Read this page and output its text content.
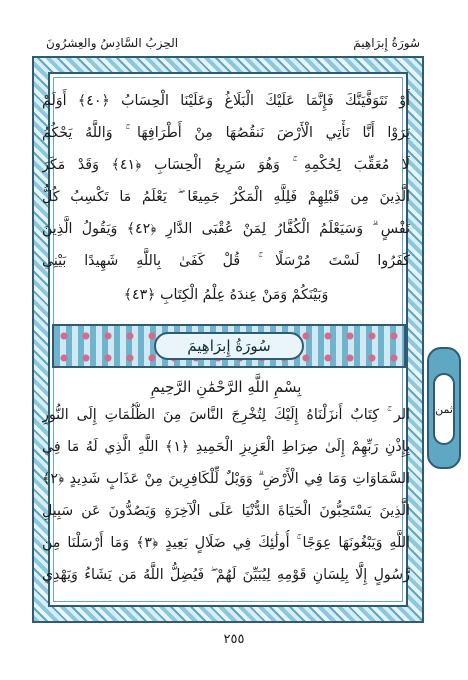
الحِزبُ السَّادِسُ والعِشرُونَ	سُورَةُ إِبرَاهِيمَ
أَوْ نَتَوَفَّيَنَّكَ فَإِنَّمَا عَلَيْكَ الْبَلَاغُ وَعَلَيْنَا الْحِسَابُ ﴿٤٠﴾ أَوَلَمْ
يَرَوْا أَنَّا نَأْتِي الْأَرْضَ نَنقُصُهَا مِنْ أَطْرَافِهَا ۚ وَاللَّهُ يَحْكُمُ
لَا مُعَقِّبَ لِحُكْمِهِ ۚ وَهُوَ سَرِيعُ الْحِسَابِ ﴿٤١﴾ وَقَدْ مَكَرَ
الَّذِينَ مِن قَبْلِهِمْ فَلِلَّهِ الْمَكْرُ جَمِيعًا ۖ يَعْلَمُ مَا تَكْسِبُ كُلُّ
نَفْسٍ ۗ وَسَيَعْلَمُ الْكُفَّارُ لِمَنْ عُقْبَى الدَّارِ ﴿٤٢﴾ وَيَقُولُ الَّذِينَ
كَفَرُوا لَسْتَ مُرْسَلًا ۚ قُلْ كَفَىٰ بِاللَّهِ شَهِيدًا بَيْنِي
وَبَيْنَكُمْ وَمَنْ عِندَهُ عِلْمُ الْكِتَابِ ﴿٤٣﴾
سُورَةُ إِبرَاهِيمَ
بِسْمِ اللَّهِ الرَّحْمَٰنِ الرَّحِيمِ
الر ۚ كِتَابٌ أَنزَلْنَاهُ إِلَيْكَ لِتُخْرِجَ النَّاسَ مِنَ الظُّلُمَاتِ إِلَى النُّورِ
بِإِذْنِ رَبِّهِمْ إِلَىٰ صِرَاطِ الْعَزِيزِ الْحَمِيدِ ﴿١﴾ اللَّهِ الَّذِي لَهُ مَا فِي
السَّمَاوَاتِ وَمَا فِي الْأَرْضِ ۗ وَوَيْلٌ لِّلْكَافِرِينَ مِنْ عَذَابٍ شَدِيدٍ ﴿٢﴾
الَّذِينَ يَسْتَحِبُّونَ الْحَيَاةَ الدُّنْيَا عَلَى الْآخِرَةِ وَيَصُدُّونَ عَن سَبِيلِ
اللَّهِ وَيَبْغُونَهَا عِوَجًا ۚ أُولَٰئِكَ فِي ضَلَالٍ بَعِيدٍ ﴿٣﴾ وَمَا أَرْسَلْنَا مِن
رَّسُولٍ إِلَّا بِلِسَانِ قَوْمِهِ لِيُبَيِّنَ لَهُمْ ۖ فَيُضِلُّ اللَّهُ مَن يَشَاءُ وَيَهْدِي
ثمن
٢٥٥
